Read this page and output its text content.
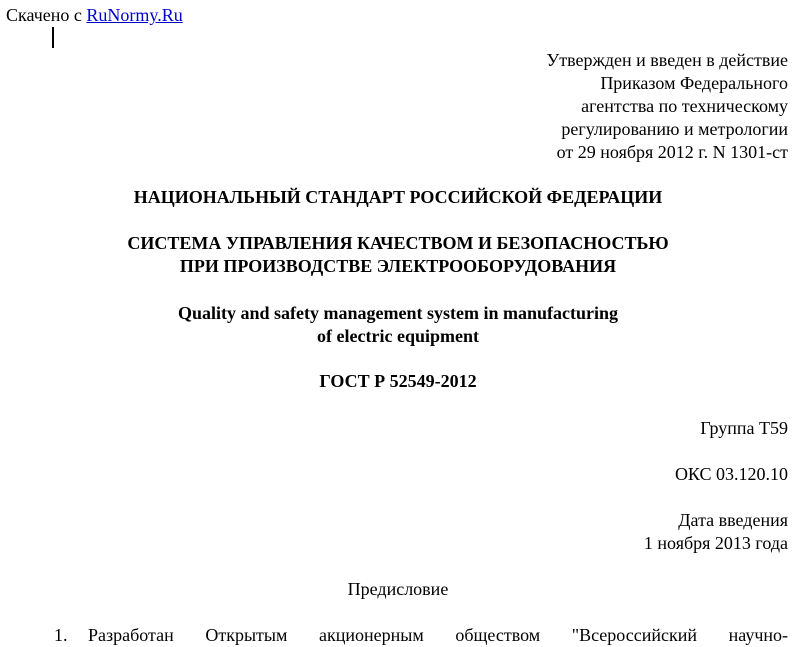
Скачено с RuNormy.Ru
Утвержден и введен в действие
Приказом Федерального
агентства по техническому
регулированию и метрологии
от 29 ноября 2012 г. N 1301-ст
НАЦИОНАЛЬНЫЙ СТАНДАРТ РОССИЙСКОЙ ФЕДЕРАЦИИ
СИСТЕМА УПРАВЛЕНИЯ КАЧЕСТВОМ И БЕЗОПАСНОСТЬЮ
ПРИ ПРОИЗВОДСТВЕ ЭЛЕКТРООБОРУДОВАНИЯ
Quality and safety management system in manufacturing
of electric equipment
ГОСТ Р 52549-2012
Группа Т59
ОКС 03.120.10
Дата введения
1 ноября 2013 года
Предисловие
1.	Разработан Открытым акционерным обществом "Всероссийский научно-
